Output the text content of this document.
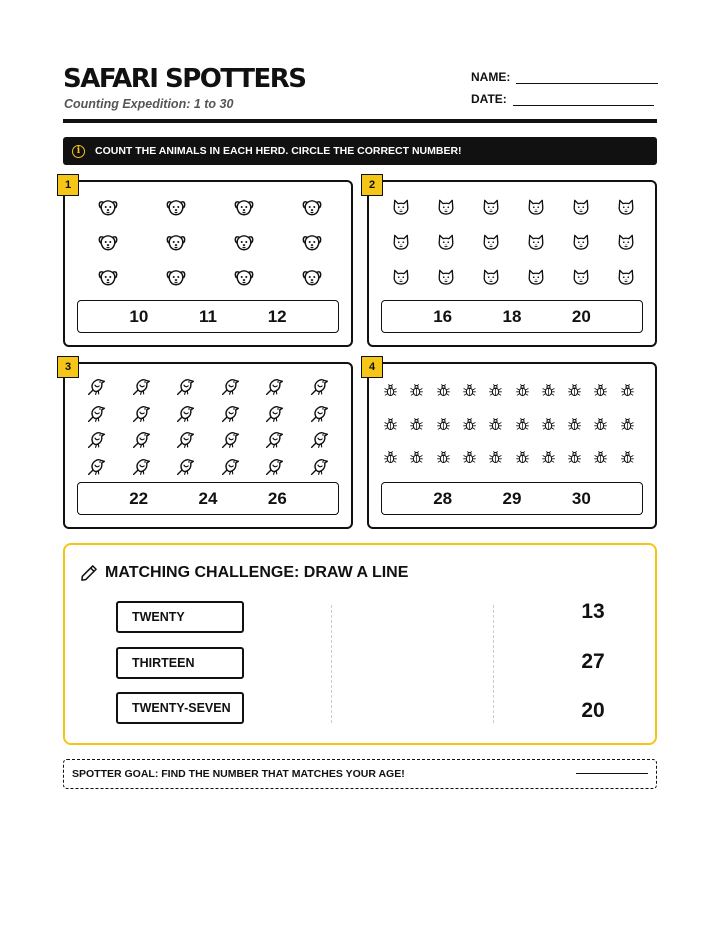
SAFARI SPOTTERS
Counting Expedition: 1 to 30
NAME:
DATE:
i	COUNT THE ANIMALS IN EACH HERD. CIRCLE THE CORRECT NUMBER!
1
10	11	12
2
16	18	20
3
22	24	26
4
28	29	30
MATCHING CHALLENGE: DRAW A LINE
TWENTY
THIRTEEN
TWENTY-SEVEN
13
27
20
SPOTTER GOAL: FIND THE NUMBER THAT MATCHES YOUR AGE!
